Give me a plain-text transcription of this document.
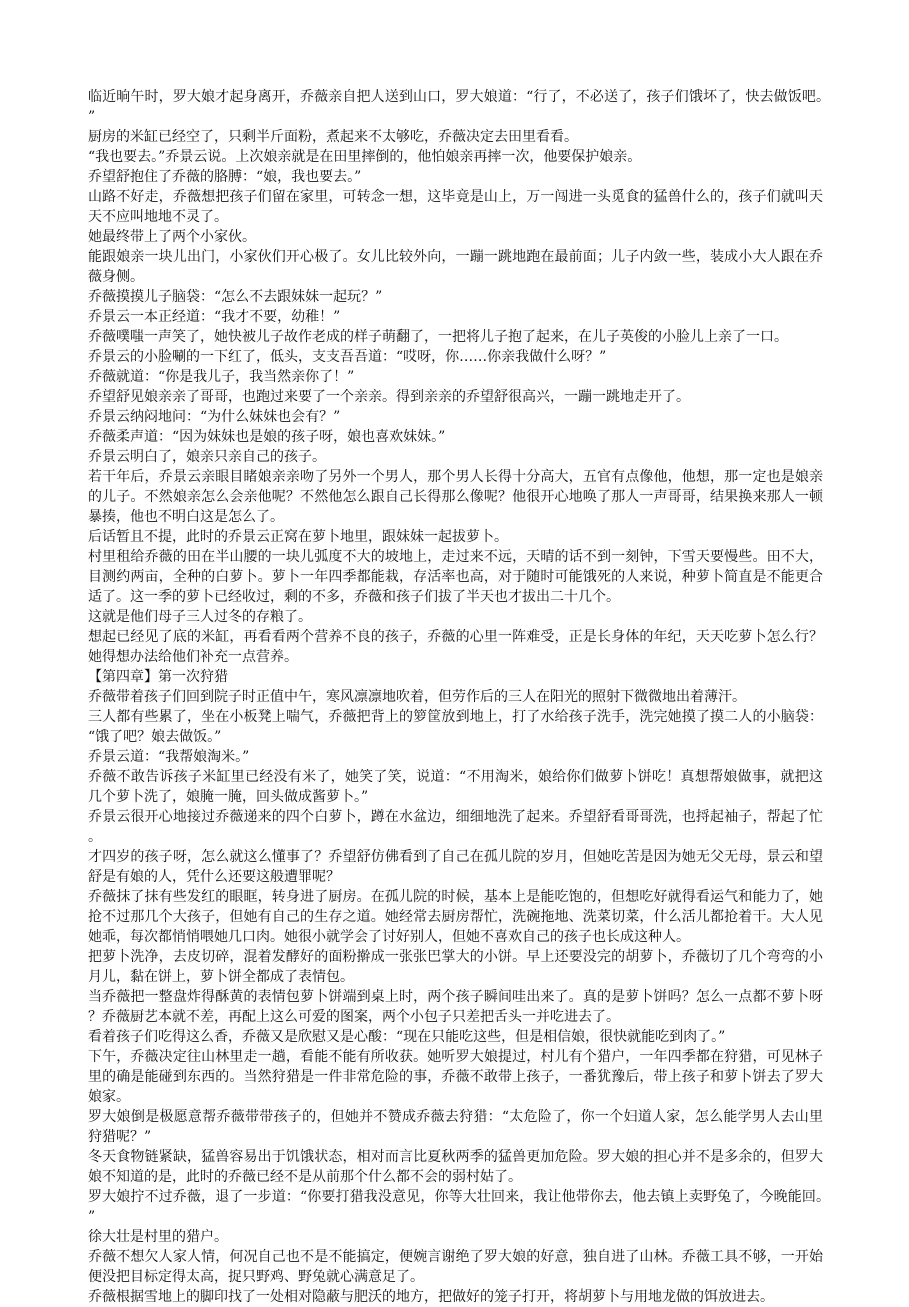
临近晌午时，罗大娘才起身离开，乔薇亲自把人送到山口，罗大娘道：“行了，不必送了，孩子们饿坏了，快去做饭吧。”

厨房的米缸已经空了，只剩半斤面粉，煮起来不太够吃，乔薇决定去田里看看。

“我也要去。”乔景云说。上次娘亲就是在田里摔倒的，他怕娘亲再摔一次，他要保护娘亲。

乔望舒抱住了乔薇的胳膊：“娘，我也要去。”

山路不好走，乔薇想把孩子们留在家里，可转念一想，这毕竟是山上，万一闯进一头觅食的猛兽什么的，孩子们就叫天天不应叫地地不灵了。

她最终带上了两个小家伙。

能跟娘亲一块儿出门，小家伙们开心极了。女儿比较外向，一蹦一跳地跑在最前面；儿子内敛一些，装成小大人跟在乔薇身侧。

乔薇摸摸儿子脑袋：“怎么不去跟妹妹一起玩？”

乔景云一本正经道：“我才不要，幼稚！”

乔薇噗嗤一声笑了，她快被儿子故作老成的样子萌翻了，一把将儿子抱了起来，在儿子英俊的小脸儿上亲了一口。

乔景云的小脸唰的一下红了，低头，支支吾吾道：“哎呀，你……你亲我做什么呀？”

乔薇就道：“你是我儿子，我当然亲你了！”

乔望舒见娘亲亲了哥哥，也跑过来要了一个亲亲。得到亲亲的乔望舒很高兴，一蹦一跳地走开了。

乔景云纳闷地问：“为什么妹妹也会有？”

乔薇柔声道：“因为妹妹也是娘的孩子呀，娘也喜欢妹妹。”

乔景云明白了，娘亲只亲自己的孩子。

若干年后，乔景云亲眼目睹娘亲亲吻了另外一个男人，那个男人长得十分高大，五官有点像他，他想，那一定也是娘亲的儿子。不然娘亲怎么会亲他呢？不然他怎么跟自己长得那么像呢？他很开心地唤了那人一声哥哥，结果换来那人一顿暴揍，他也不明白这是怎么了。

后话暂且不提，此时的乔景云正窝在萝卜地里，跟妹妹一起拔萝卜。

村里租给乔薇的田在半山腰的一块儿弧度不大的坡地上，走过来不远，天晴的话不到一刻钟，下雪天要慢些。田不大，目测约两亩，全种的白萝卜。萝卜一年四季都能栽，存活率也高，对于随时可能饿死的人来说，种萝卜简直是不能更合适了。这一季的萝卜已经收过，剩的不多，乔薇和孩子们拔了半天也才拔出二十几个。

这就是他们母子三人过冬的存粮了。

想起已经见了底的米缸，再看看两个营养不良的孩子，乔薇的心里一阵难受，正是长身体的年纪，天天吃萝卜怎么行？她得想办法给他们补充一点营养。

【第四章】第一次狩猎

乔薇带着孩子们回到院子时正值中午，寒风凛凛地吹着，但劳作后的三人在阳光的照射下微微地出着薄汗。

三人都有些累了，坐在小板凳上喘气，乔薇把背上的箩筐放到地上，打了水给孩子洗手，洗完她摸了摸二人的小脑袋：“饿了吧？娘去做饭。”

乔景云道：“我帮娘淘米。”

乔薇不敢告诉孩子米缸里已经没有米了，她笑了笑，说道：“不用淘米，娘给你们做萝卜饼吃！真想帮娘做事，就把这几个萝卜洗了，娘腌一腌，回头做成酱萝卜。”

乔景云很开心地接过乔薇递来的四个白萝卜，蹲在水盆边，细细地洗了起来。乔望舒看哥哥洗，也捋起袖子，帮起了忙。

才四岁的孩子呀，怎么就这么懂事了？乔望舒仿佛看到了自己在孤儿院的岁月，但她吃苦是因为她无父无母，景云和望舒是有娘的人，凭什么还要这般遭罪呢？

乔薇抹了抹有些发红的眼眶，转身进了厨房。在孤儿院的时候，基本上是能吃饱的，但想吃好就得看运气和能力了，她抢不过那几个大孩子，但她有自己的生存之道。她经常去厨房帮忙，洗碗拖地、洗菜切菜，什么活儿都抢着干。大人见她乖，每次都悄悄喂她几口肉。她很小就学会了讨好别人，但她不喜欢自己的孩子也长成这种人。

把萝卜洗净，去皮切碎，混着发酵好的面粉擀成一张张巴掌大的小饼。早上还要没完的胡萝卜，乔薇切了几个弯弯的小月儿，黏在饼上，萝卜饼全都成了表情包。

当乔薇把一整盘炸得酥黄的表情包萝卜饼端到桌上时，两个孩子瞬间哇出来了。真的是萝卜饼吗？怎么一点都不萝卜呀？乔薇厨艺本就不差，再配上这么可爱的图案，两个小包子只差把舌头一并吃进去了。

看着孩子们吃得这么香，乔薇又是欣慰又是心酸：“现在只能吃这些，但是相信娘，很快就能吃到肉了。”

下午，乔薇决定往山林里走一趟，看能不能有所收获。她听罗大娘提过，村儿有个猎户，一年四季都在狩猎，可见林子里的确是能碰到东西的。当然狩猎是一件非常危险的事，乔薇不敢带上孩子，一番犹豫后，带上孩子和萝卜饼去了罗大娘家。

罗大娘倒是极愿意帮乔薇带带孩子的，但她并不赞成乔薇去狩猎：“太危险了，你一个妇道人家，怎么能学男人去山里狩猎呢？”

冬天食物链紧缺，猛兽容易出于饥饿状态，相对而言比夏秋两季的猛兽更加危险。罗大娘的担心并不是多余的，但罗大娘不知道的是，此时的乔薇已经不是从前那个什么都不会的弱村姑了。

罗大娘拧不过乔薇，退了一步道：“你要打猎我没意见，你等大壮回来，我让他带你去，他去镇上卖野兔了，今晚能回。”

徐大壮是村里的猎户。

乔薇不想欠人家人情，何况自己也不是不能搞定，便婉言谢绝了罗大娘的好意，独自进了山林。乔薇工具不够，一开始便没把目标定得太高，捉只野鸡、野兔就心满意足了。

乔薇根据雪地上的脚印找了一处相对隐蔽与肥沃的地方，把做好的笼子打开，将胡萝卜与用地龙做的饵放进去。
